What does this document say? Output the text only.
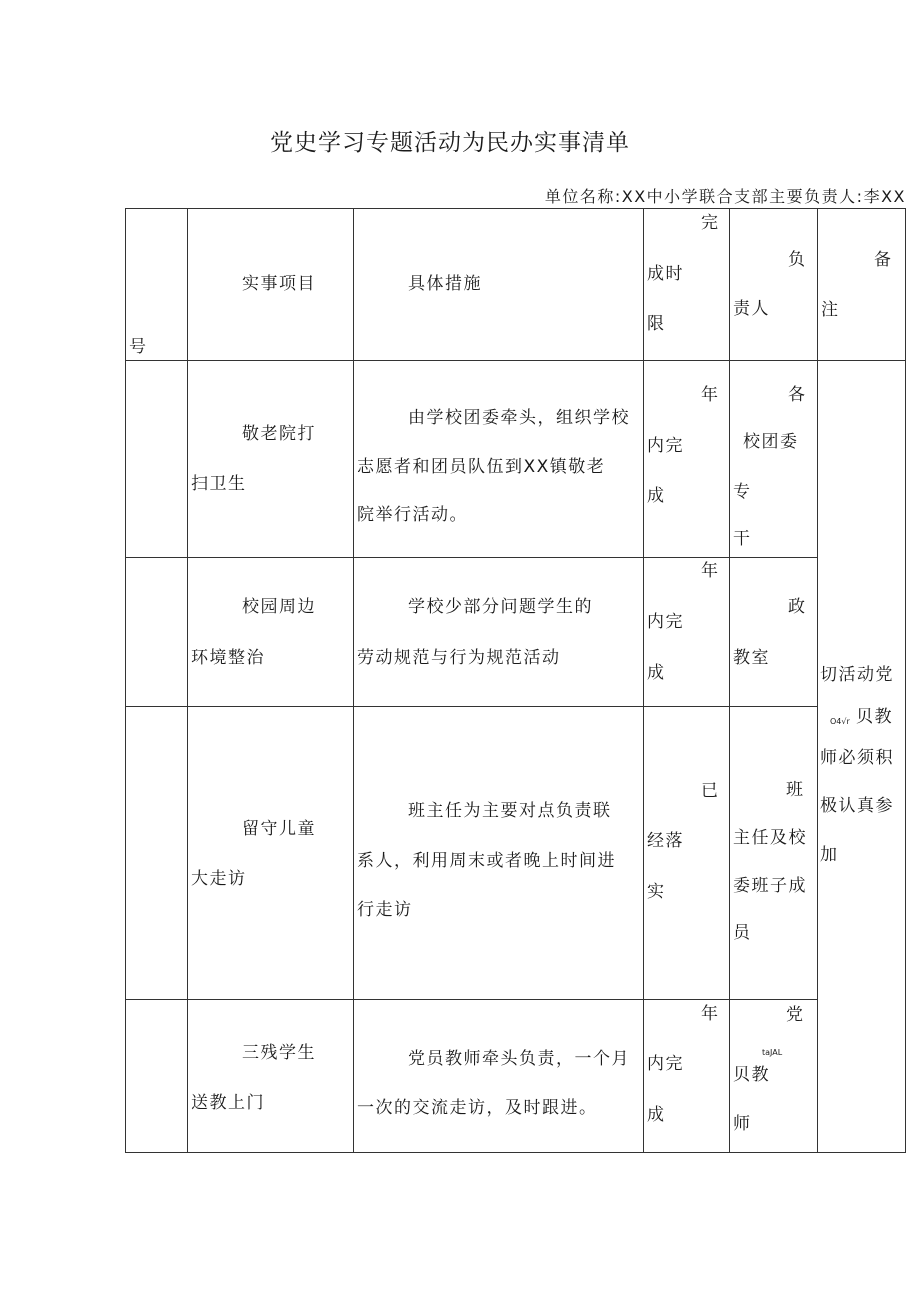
党史学习专题活动为民办实事清单
单位名称:XX中小学联合支部主要负责人:李XX
号
实事项目	具体措施
完
成时
限
负
责人
备
注
敬老院打
扫卫生
由学校团委牵头，组织学校
志愿者和团员队伍到XX镇敬老
院举行活动。
年
内完
成
各
校团委
专
干
校园周边
环境整治
学校少部分问题学生的
劳动规范与行为规范活动
年
内完
成
政
教室
留守儿童
大走访
班主任为主要对点负责联
系人，利用周末或者晚上时间进
行走访
已
经落
实
班
主任及校
委班子成
员
三残学生
送教上门
党员教师牵头负责，一个月
一次的交流走访，及时跟进。
年
内完
成
党
taJAL
贝教
师
切活动党
O4√r 贝教
师必须积
极认真参
加
